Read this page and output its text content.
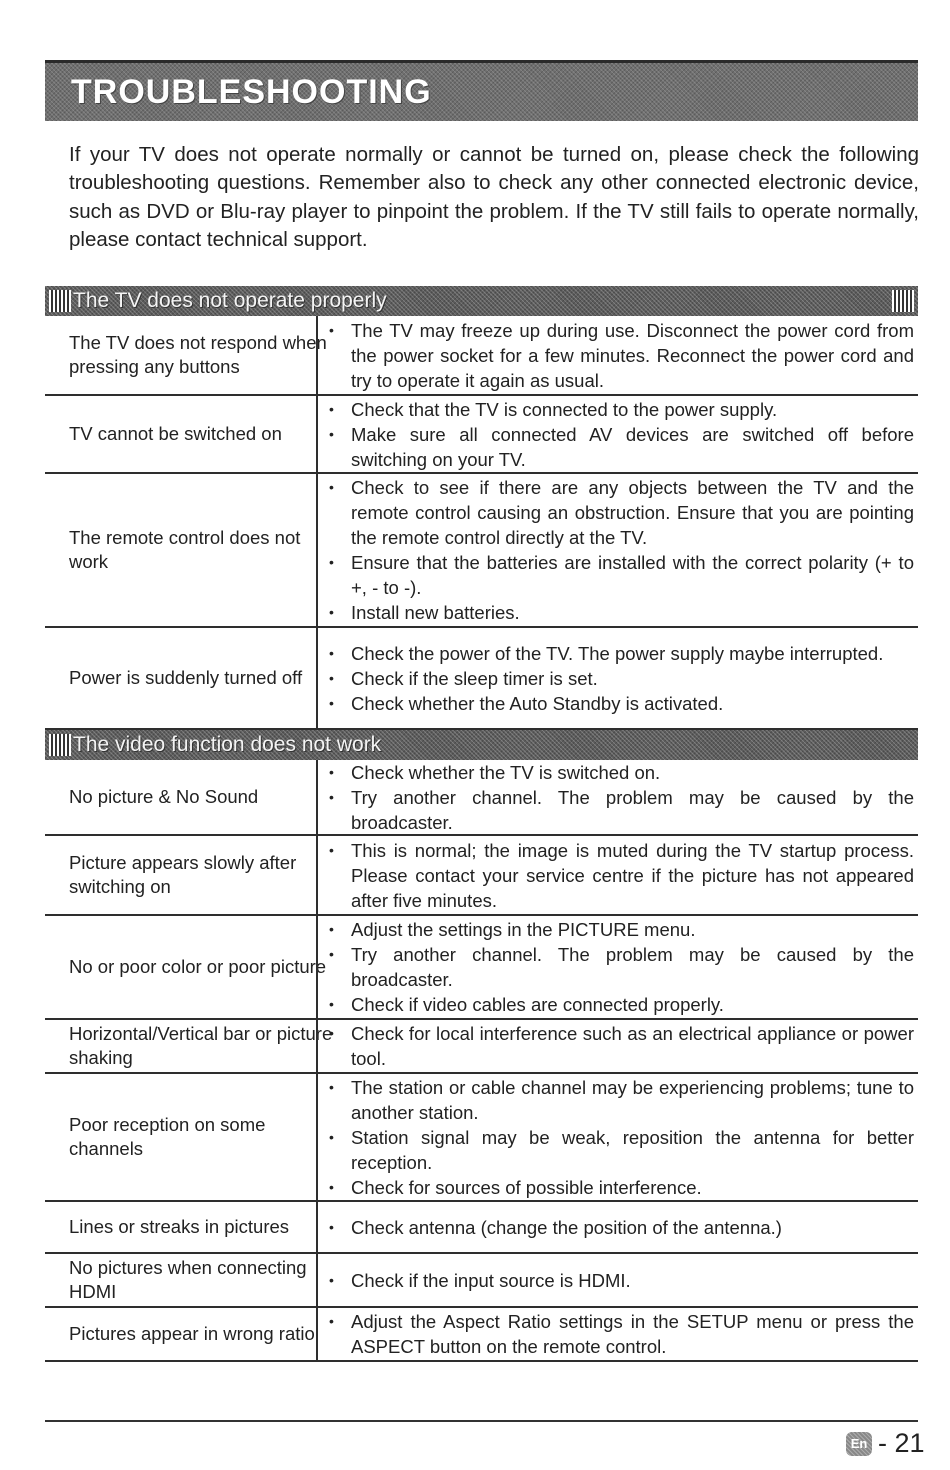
TROUBLESHOOTING
If your TV does not operate normally or cannot be turned on, please check the following troubleshooting questions. Remember also to check any other connected electronic device, such as DVD or Blu-ray player to pinpoint the problem. If the TV still fails to operate normally, please contact technical support.
The TV does not operate properly
The TV does not respond when pressing any buttons
• The TV may freeze up during use. Disconnect the power cord from the power socket for a few minutes. Reconnect the power cord and try to operate it again as usual.
TV cannot be switched on
• Check that the TV is connected to the power supply.
• Make sure all connected AV devices are switched off before switching on your TV.
The remote control does not work
• Check to see if there are any objects between the TV and the remote control causing an obstruction. Ensure that you are pointing the remote control directly at the TV.
• Ensure that the batteries are installed with the correct polarity (+ to +, - to -).
• Install new batteries.
Power is suddenly turned off
• Check the power of the TV. The power supply maybe interrupted.
• Check if the sleep timer is set.
• Check whether the Auto Standby is activated.
The video function does not work
No picture & No Sound
• Check whether the TV is switched on.
• Try another channel. The problem may be caused by the broadcaster.
Picture appears slowly after switching on
• This is normal; the image is muted during the TV startup process. Please contact your service centre if the picture has not appeared after five minutes.
No or poor color or poor picture
• Adjust the settings in the PICTURE menu.
• Try another channel. The problem may be caused by the broadcaster.
• Check if video cables are connected properly.
Horizontal/Vertical bar or picture shaking
• Check for local interference such as an electrical appliance or power tool.
Poor reception on some channels
• The station or cable channel may be experiencing problems; tune to another station.
• Station signal may be weak, reposition the antenna for better reception.
• Check for sources of possible interference.
Lines or streaks in pictures
•	Check antenna (change the position of the antenna.)
No pictures when connecting HDMI
• Check if the input source is HDMI.
Pictures appear in wrong ratio
• Adjust the Aspect Ratio settings in the SETUP menu or press the ASPECT button on the remote control.
En - 21
